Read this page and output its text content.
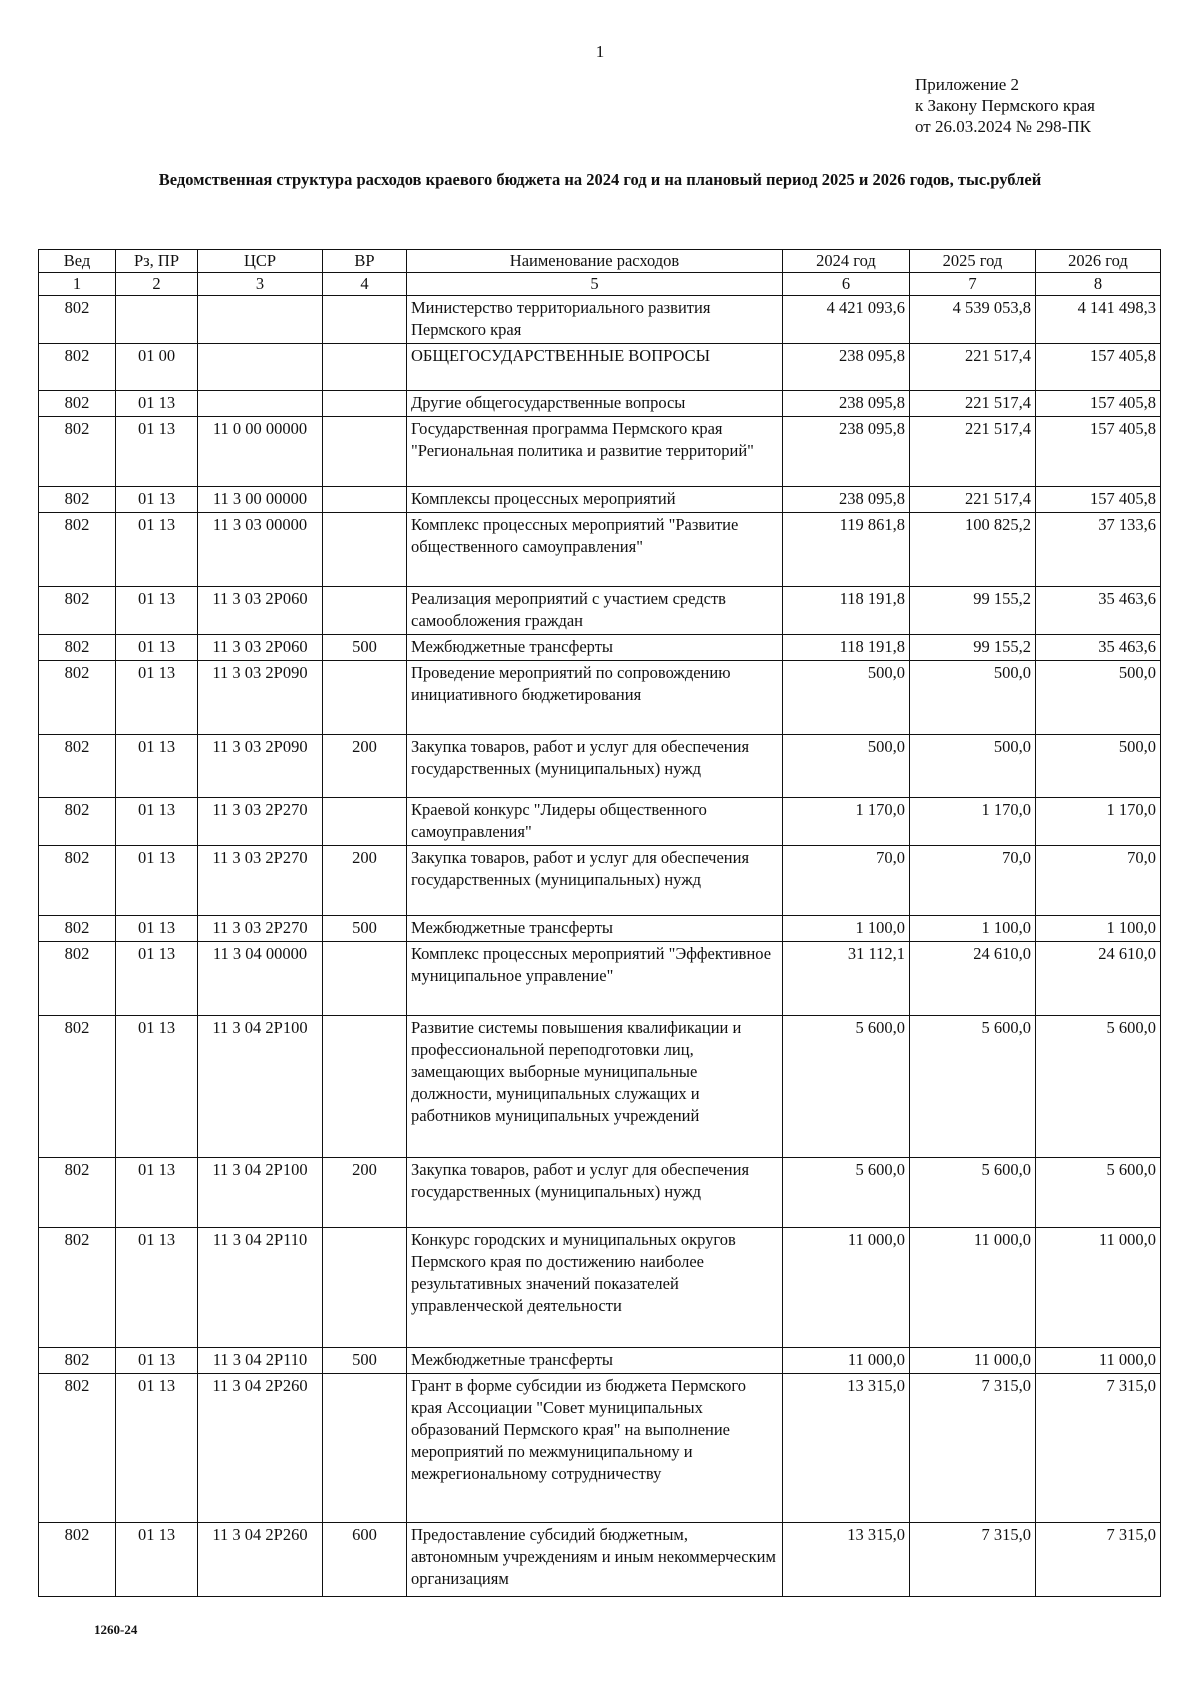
1
Приложение 2
к Закону Пермского края
от 26.03.2024 № 298-ПК
Ведомственная структура расходов краевого бюджета на 2024 год и на плановый период 2025 и 2026 годов, тыс.рублей
Вед	Рз, ПР	ЦСР	ВР	Наименование расходов	2024 год	2025 год	2026 год
1	2	3	4	5	6	7	8
802				Министерство территориального развития Пермского края	4 421 093,6	4 539 053,8	4 141 498,3
802	01 00			ОБЩЕГОСУДАРСТВЕННЫЕ ВОПРОСЫ	238 095,8	221 517,4	157 405,8
802	01 13			Другие общегосударственные вопросы	238 095,8	221 517,4	157 405,8
802	01 13	11 0 00 00000		Государственная программа Пермского края "Региональная политика и развитие территорий"	238 095,8	221 517,4	157 405,8
802	01 13	11 3 00 00000		Комплексы процессных мероприятий	238 095,8	221 517,4	157 405,8
802	01 13	11 3 03 00000		Комплекс процессных мероприятий "Развитие общественного самоуправления"	119 861,8	100 825,2	37 133,6
802	01 13	11 3 03 2P060		Реализация мероприятий с участием средств самообложения граждан	118 191,8	99 155,2	35 463,6
802	01 13	11 3 03 2P060	500	Межбюджетные трансферты	118 191,8	99 155,2	35 463,6
802	01 13	11 3 03 2P090		Проведение мероприятий по сопровождению инициативного бюджетирования	500,0	500,0	500,0
802	01 13	11 3 03 2P090	200	Закупка товаров, работ и услуг для обеспечения государственных (муниципальных) нужд	500,0	500,0	500,0
802	01 13	11 3 03 2P270		Краевой конкурс "Лидеры общественного самоуправления"	1 170,0	1 170,0	1 170,0
802	01 13	11 3 03 2P270	200	Закупка товаров, работ и услуг для обеспечения государственных (муниципальных) нужд	70,0	70,0	70,0
802	01 13	11 3 03 2P270	500	Межбюджетные трансферты	1 100,0	1 100,0	1 100,0
802	01 13	11 3 04 00000		Комплекс процессных мероприятий "Эффективное муниципальное управление"	31 112,1	24 610,0	24 610,0
802	01 13	11 3 04 2P100		Развитие системы повышения квалификации и профессиональной переподготовки лиц, замещающих выборные муниципальные должности, муниципальных служащих и работников муниципальных учреждений	5 600,0	5 600,0	5 600,0
802	01 13	11 3 04 2P100	200	Закупка товаров, работ и услуг для обеспечения государственных (муниципальных) нужд	5 600,0	5 600,0	5 600,0
802	01 13	11 3 04 2P110		Конкурс городских и муниципальных округов Пермского края по достижению наиболее результативных значений показателей управленческой деятельности	11 000,0	11 000,0	11 000,0
802	01 13	11 3 04 2P110	500	Межбюджетные трансферты	11 000,0	11 000,0	11 000,0
802	01 13	11 3 04 2P260		Грант в форме субсидии из бюджета Пермского края Ассоциации "Совет муниципальных образований Пермского края" на выполнение мероприятий по межмуниципальному и межрегиональному сотрудничеству	13 315,0	7 315,0	7 315,0
802	01 13	11 3 04 2P260	600	Предоставление субсидий бюджетным, автономным учреждениям и иным некоммерческим организациям	13 315,0	7 315,0	7 315,0
1260-24
